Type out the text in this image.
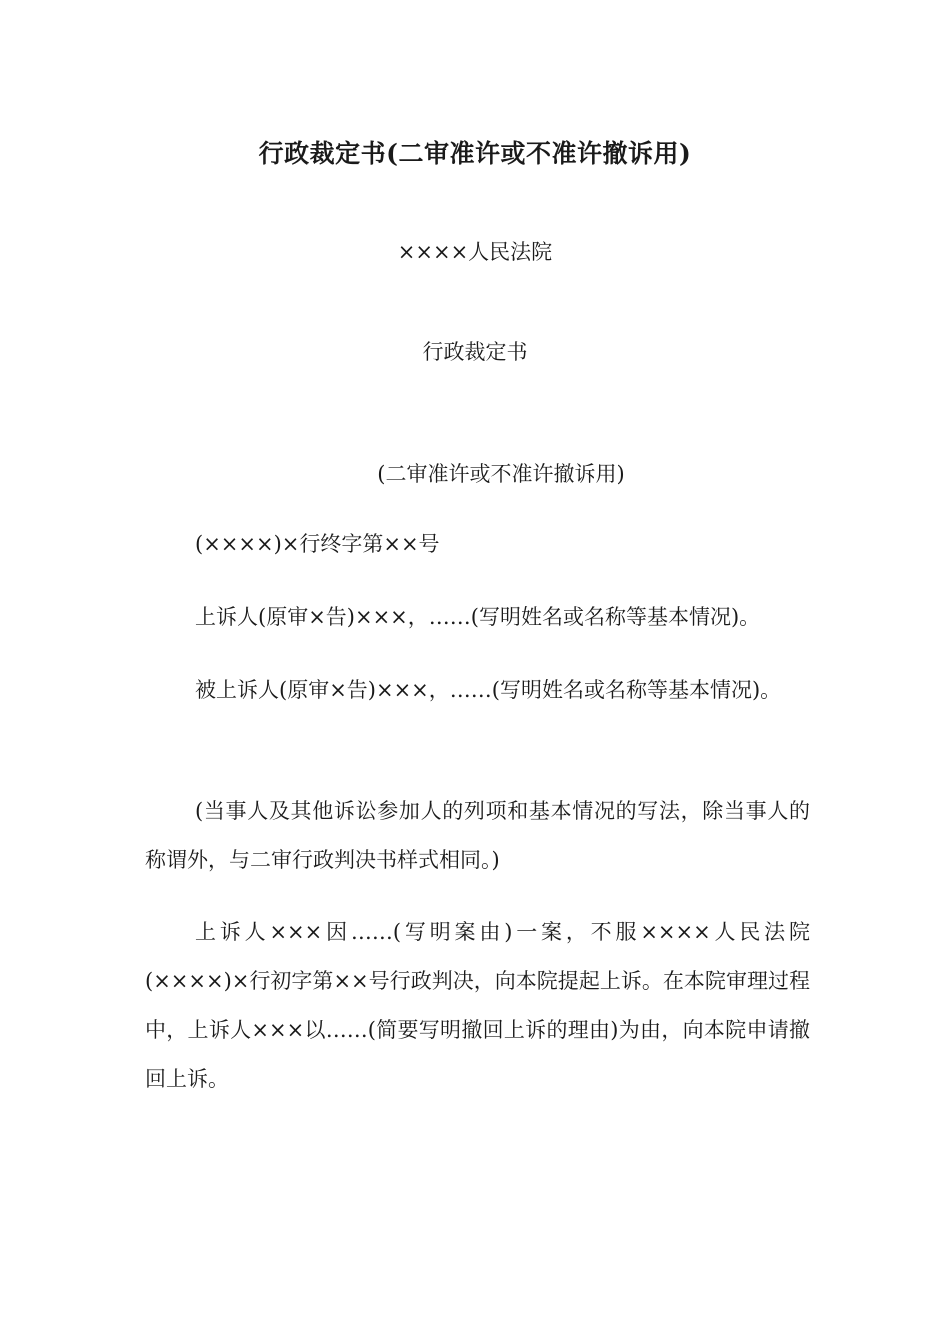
行政裁定书(二审准许或不准许撤诉用)

××××人民法院

行政裁定书

(二审准许或不准许撤诉用)

(××××)×行终字第××号

上诉人(原审×告)×××，……(写明姓名或名称等基本情况)。

被上诉人(原审×告)×××，……(写明姓名或名称等基本情况)。

(当事人及其他诉讼参加人的列项和基本情况的写法，除当事人的称谓外，与二审行政判决书样式相同。)

上诉人×××因……(写明案由)一案，不服××××人民法院(××××)×行初字第××号行政判决，向本院提起上诉。在本院审理过程中，上诉人×××以……(简要写明撤回上诉的理由)为由，向本院申请撤回上诉。
